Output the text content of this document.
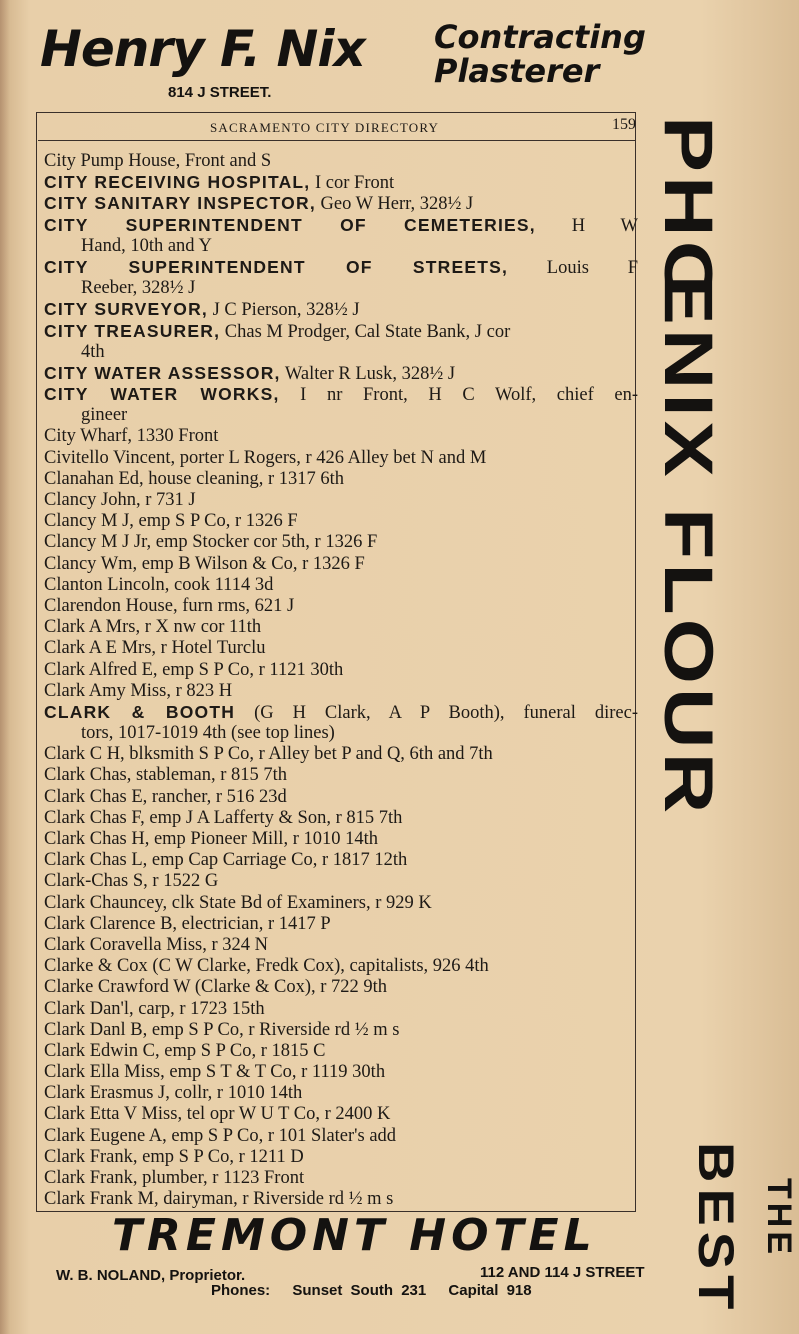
Henry F. Nix
814 J STREET.
Contracting
Plasterer
SACRAMENTO CITY DIRECTORY	159
City Pump House, Front and S
CITY RECEIVING HOSPITAL, I cor Front
CITY SANITARY INSPECTOR, Geo W Herr, 328½ J
CITY SUPERINTENDENT OF CEMETERIES, H W
Hand, 10th and Y
CITY SUPERINTENDENT OF STREETS, Louis F
Reeber, 328½ J
CITY SURVEYOR, J C Pierson, 328½ J
CITY TREASURER, Chas M Prodger, Cal State Bank, J cor
4th
CITY WATER ASSESSOR, Walter R Lusk, 328½ J
CITY WATER WORKS, I nr Front, H C Wolf, chief en-
gineer
City Wharf, 1330 Front
Civitello Vincent, porter L Rogers, r 426 Alley bet N and M
Clanahan Ed, house cleaning, r 1317 6th
Clancy John, r 731 J
Clancy M J, emp S P Co, r 1326 F
Clancy M J Jr, emp Stocker cor 5th, r 1326 F
Clancy Wm, emp B Wilson & Co, r 1326 F
Clanton Lincoln, cook 1114 3d
Clarendon House, furn rms, 621 J
Clark A Mrs, r X nw cor 11th
Clark A E Mrs, r Hotel Turclu
Clark Alfred E, emp S P Co, r 1121 30th
Clark Amy Miss, r 823 H
CLARK & BOOTH (G H Clark, A P Booth), funeral direc-
tors, 1017-1019 4th (see top lines)
Clark C H, blksmith S P Co, r Alley bet P and Q, 6th and 7th
Clark Chas, stableman, r 815 7th
Clark Chas E, rancher, r 516 23d
Clark Chas F, emp J A Lafferty & Son, r 815 7th
Clark Chas H, emp Pioneer Mill, r 1010 14th
Clark Chas L, emp Cap Carriage Co, r 1817 12th
Clark-Chas S, r 1522 G
Clark Chauncey, clk State Bd of Examiners, r 929 K
Clark Clarence B, electrician, r 1417 P
Clark Coravella Miss, r 324 N
Clarke & Cox (C W Clarke, Fredk Cox), capitalists, 926 4th
Clarke Crawford W (Clarke & Cox), r 722 9th
Clark Dan'l, carp, r 1723 15th
Clark Danl B, emp S P Co, r Riverside rd ½ m s
Clark Edwin C, emp S P Co, r 1815 C
Clark Ella Miss, emp S T & T Co, r 1119 30th
Clark Erasmus J, collr, r 1010 14th
Clark Etta V Miss, tel opr W U T Co, r 2400 K
Clark Eugene A, emp S P Co, r 101 Slater's add
Clark Frank, emp S P Co, r 1211 D
Clark Frank, plumber, r 1123 Front
Clark Frank M, dairyman, r Riverside rd ½ m s
PHŒNIX FLOUR
THE
BEST
TREMONT HOTEL
W. B. NOLAND, Proprietor.	112 AND 114 J STREET
Phones: Sunset South 231 Capital 918
